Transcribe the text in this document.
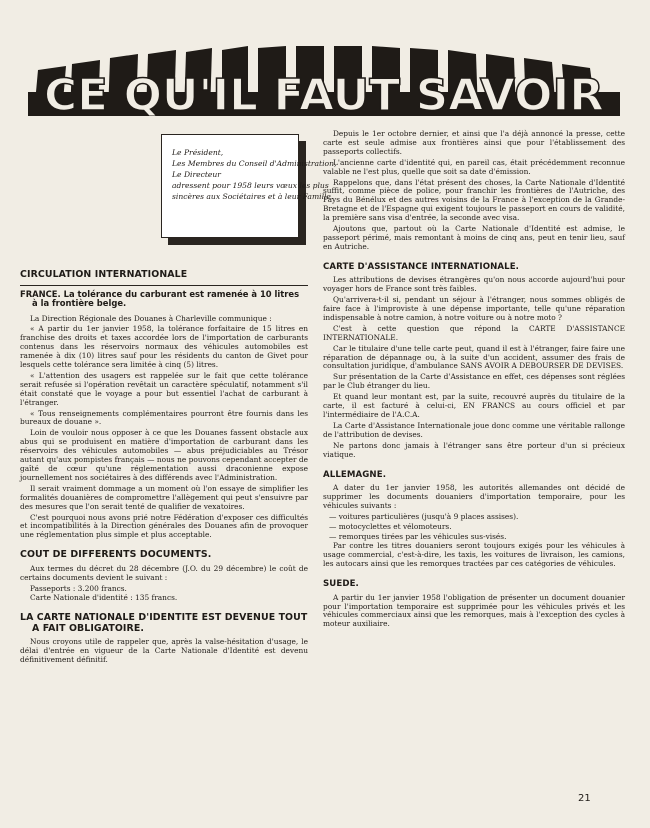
CE QU'IL FAUT SAVOIR
Le Président,
Les Membres du Conseil d'Administration,
Le Directeur
adressent pour 1958 leurs vœux les plus
sincères aux Sociétaires et à leur Famille.
CIRCULATION INTERNATIONALE
FRANCE. La tolérance du carburant est ramenée à 10 litres
à la frontière belge.

La Direction Régionale des Douanes à Charleville communique :

« A partir du 1er janvier 1958, la tolérance forfaitaire de 15 litres en franchise des droits et taxes accordée lors de l'importation de carburants contenus dans les réservoirs normaux des véhicules automobiles est ramenée à dix (10) litres sauf pour les résidents du canton de Givet pour lesquels cette tolérance sera limitée à cinq (5) litres.

« L'attention des usagers est rappelée sur le fait que cette tolérance serait refusée si l'opération revêtait un caractère spéculatif, notamment s'il était constaté que le voyage a pour but essentiel l'achat de carburant à l'étranger.

« Tous renseignements complémentaires pourront être fournis dans les bureaux de douane ».

Loin de vouloir nous opposer à ce que les Douanes fassent obstacle aux abus qui se produisent en matière d'importation de carburant dans les réservoirs des véhicules automobiles — abus préjudiciables au Trésor autant qu'aux pompistes français — nous ne pouvons cependant accepter de gaîté de cœur qu'une réglementation aussi draconienne expose journellement nos sociétaires à des différends avec l'Administration.

Il serait vraiment dommage a un moment où l'on essaye de simplifier les formalités douanières de compromettre l'allègement qui peut s'ensuivre par des mesures que l'on serait tenté de qualifier de vexatoires.

C'est pourquoi nous avons prié notre Fédération d'exposer ces difficultés et incompatibilités à la Direction générales des Douanes afin de provoquer une réglementation plus simple et plus acceptable.

COUT DE DIFFERENTS DOCUMENTS.

Aux termes du décret du 28 décembre (J.O. du 29 décembre) le coût de certains documents devient le suivant :

Passeports : 3.200 francs.

Carte Nationale d'identité : 135 francs.

LA CARTE NATIONALE D'IDENTITE EST DEVENUE TOUT
A FAIT OBLIGATOIRE.

Nous croyons utile de rappeler que, après la valse-hésitation d'usage, le délai d'entrée en vigueur de la Carte Nationale d'Identité est devenu définitivement définitif.

Depuis le 1er octobre dernier, et ainsi que l'a déjà annoncé la presse, cette carte est seule admise aux frontières ainsi que pour l'établissement des passeports collectifs.

L'ancienne carte d'identité qui, en pareil cas, était précédemment reconnue valable ne l'est plus, quelle que soit sa date d'émission.

Rappelons que, dans l'état présent des choses, la Carte Nationale d'Identité suffit, comme pièce de police, pour franchir les frontières de l'Autriche, des Pays du Bénélux et des autres voisins de la France à l'exception de la Grande-Bretagne et de l'Espagne qui exigent toujours le passeport en cours de validité, la première sans visa d'entrée, la seconde avec visa.

Ajoutons que, partout où la Carte Nationale d'Identité est admise, le passeport périmé, mais remontant à moins de cinq ans, peut en tenir lieu, sauf en Autriche.

CARTE D'ASSISTANCE INTERNATIONALE.

Les attributions de devises étrangères qu'on nous accorde aujourd'hui pour voyager hors de France sont très faibles.

Qu'arrivera-t-il si, pendant un séjour à l'étranger, nous sommes obligés de faire face à l'improviste à une dépense importante, telle qu'une réparation indispensable à notre camion, à notre voiture ou à notre moto ?

C'est à cette question que répond la CARTE D'ASSISTANCE INTERNATIONALE.

Car le titulaire d'une telle carte peut, quand il est à l'étranger, faire faire une réparation de dépannage ou, à la suite d'un accident, assumer des frais de consultation juridique, d'ambulance SANS AVOIR A DEBOURSER DE DEVISES.

Sur présentation de la Carte d'Assistance en effet, ces dépenses sont réglées par le Club étranger du lieu.

Et quand leur montant est, par la suite, recouvré auprès du titulaire de la carte, il est facturé à celui-ci, EN FRANCS au cours officiel et par l'intermédiaire de l'A.C.A.

La Carte d'Assistance Internationale joue donc comme une véritable rallonge de l'attribution de devises.

Ne partons donc jamais à l'étranger sans être porteur d'un si précieux viatique.

ALLEMAGNE.

A dater du 1er janvier 1958, les autorités allemandes ont décidé de supprimer les documents douaniers d'importation temporaire, pour les véhicules suivants :

— voitures particulières (jusqu'à 9 places assises).

— motocyclettes et vélomoteurs.

— remorques tirées par les véhicules sus-visés.

Par contre les titres douaniers seront toujours exigés pour les véhicules à usage commercial, c'est-à-dire, les taxis, les voitures de livraison, les camions, les autocars ainsi que les remorques tractées par ces catégories de véhicules.

SUEDE.

A partir du 1er janvier 1958 l'obligation de présenter un document douanier pour l'importation temporaire est supprimée pour les véhicules privés et les véhicules commerciaux ainsi que les remorques, mais à l'exception des cycles à moteur auxiliaire.

21
